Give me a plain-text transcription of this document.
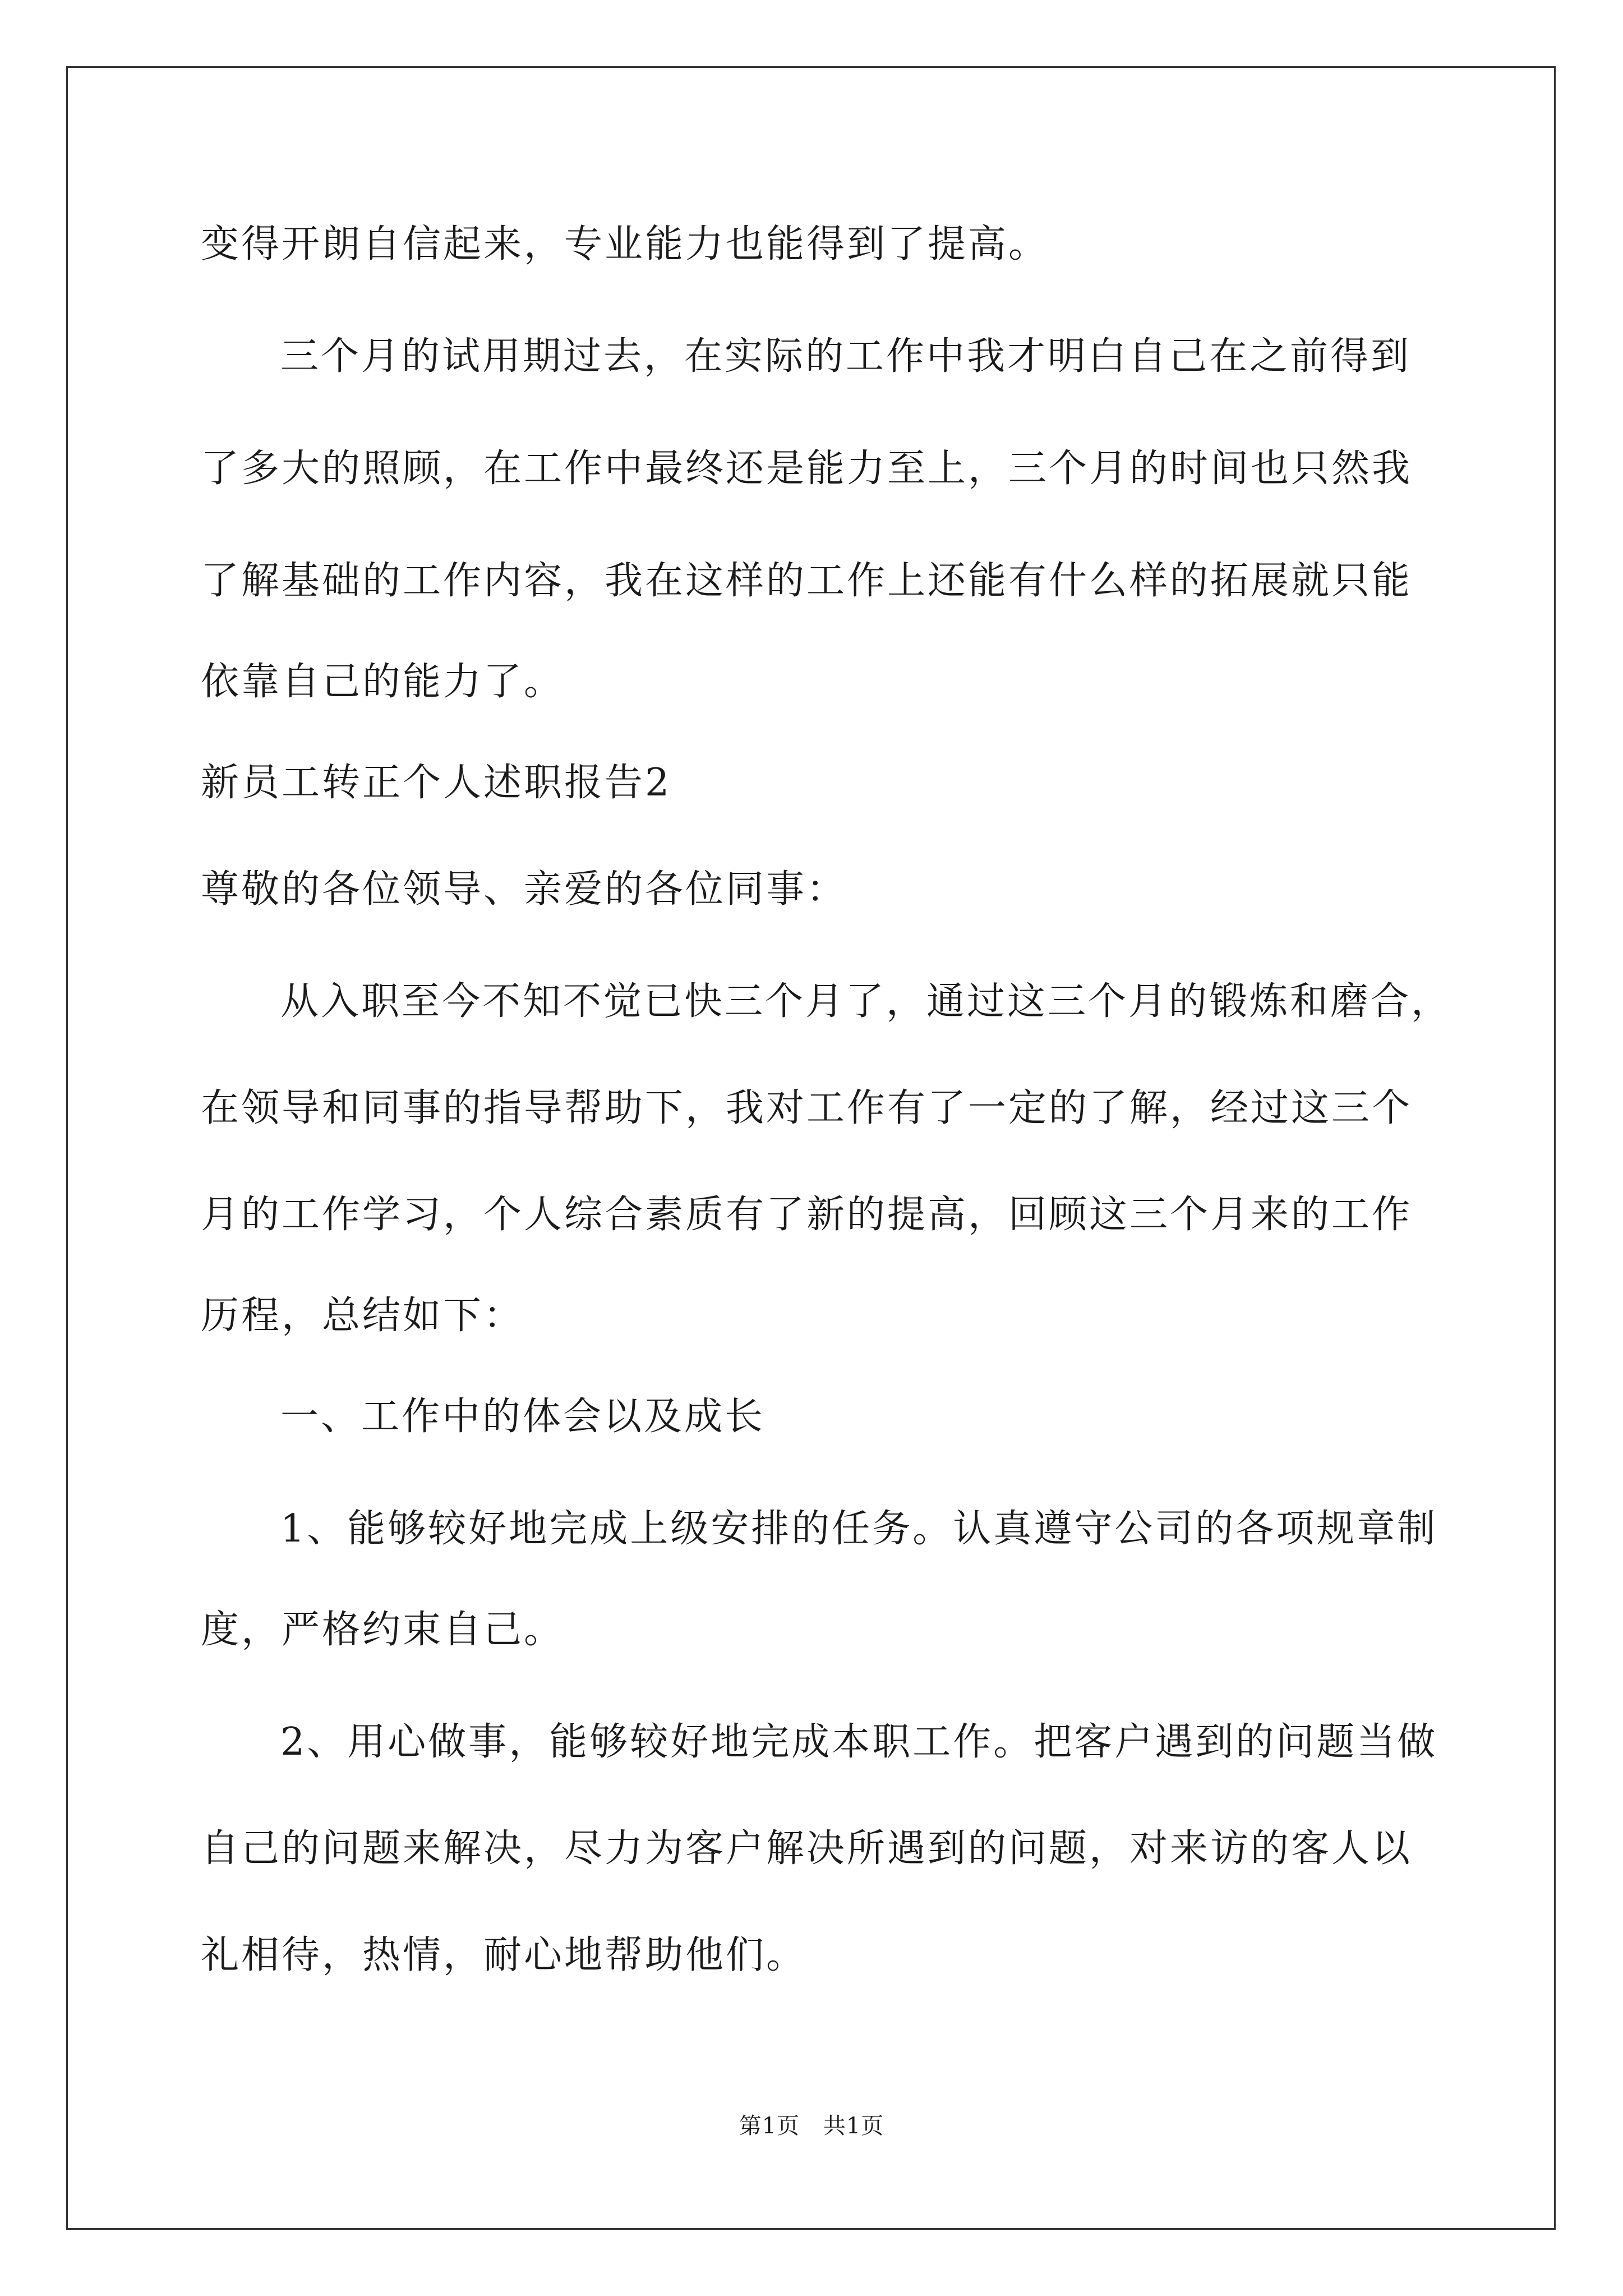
变得开朗自信起来，专业能力也能得到了提高。
三个月的试用期过去，在实际的工作中我才明白自己在之前得到
了多大的照顾，在工作中最终还是能力至上，三个月的时间也只然我
了解基础的工作内容，我在这样的工作上还能有什么样的拓展就只能
依靠自己的能力了。
新员工转正个人述职报告2
尊敬的各位领导、亲爱的各位同事：
从入职至今不知不觉已快三个月了，通过这三个月的锻炼和磨合，
在领导和同事的指导帮助下，我对工作有了一定的了解，经过这三个
月的工作学习，个人综合素质有了新的提高，回顾这三个月来的工作
历程，总结如下：
一、工作中的体会以及成长
1、能够较好地完成上级安排的任务。认真遵守公司的各项规章制
度，严格约束自己。
2、用心做事，能够较好地完成本职工作。把客户遇到的问题当做
自己的问题来解决，尽力为客户解决所遇到的问题，对来访的客人以
礼相待，热情，耐心地帮助他们。
第1页 共1页
